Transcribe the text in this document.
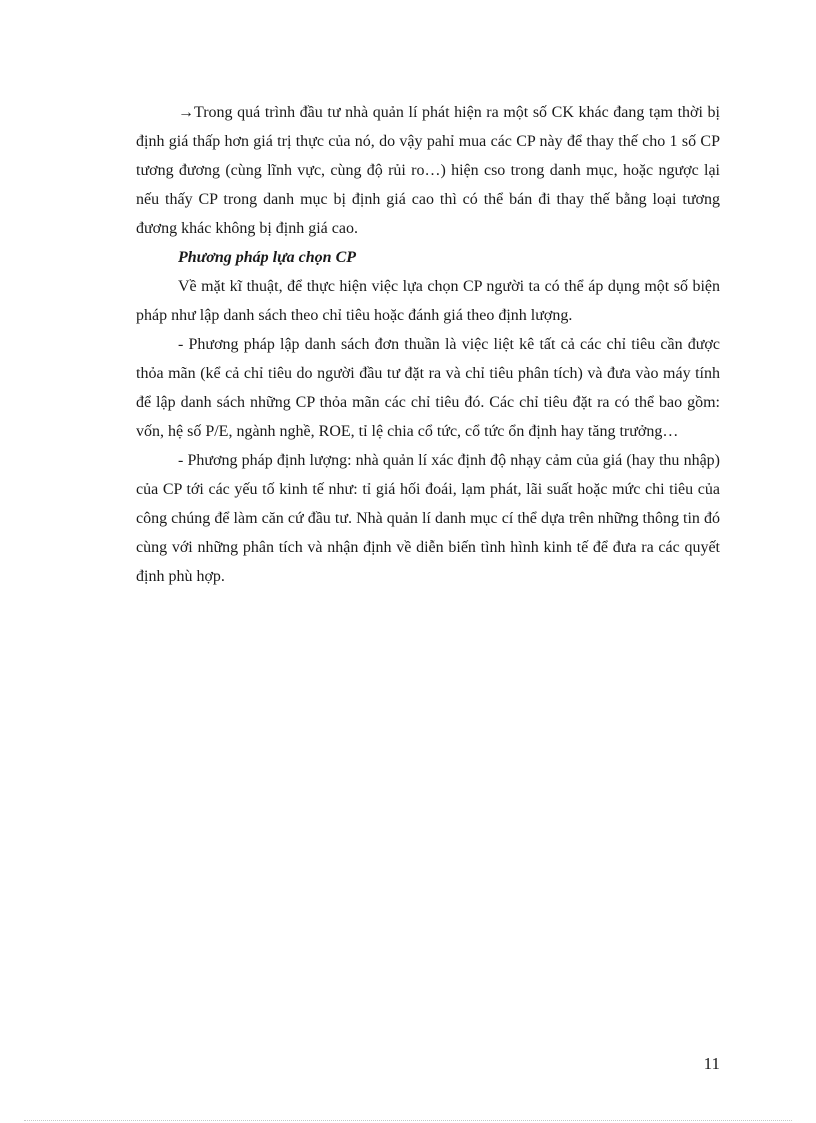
→Trong quá trình đầu tư nhà quản lí phát hiện ra một số CK khác đang tạm thời bị định giá thấp hơn giá trị thực của nó, do vậy pahỉ mua các CP này để thay thế cho 1 số CP tương đương (cùng lĩnh vực, cùng độ rủi ro…) hiện cso trong danh mục, hoặc ngược lại nếu thấy CP trong danh mục bị định giá cao thì có thể bán đi thay thế bằng loại tương đương khác không bị định giá cao.

Phương pháp lựa chọn CP

Về mặt kĩ thuật, để thực hiện việc lựa chọn CP người ta có thể áp dụng một số biện pháp như lập danh sách theo chỉ tiêu hoặc đánh giá theo định lượng.

- Phương pháp lập danh sách đơn thuần là việc liệt kê tất cả các chỉ tiêu cần được thỏa mãn (kể cả chỉ tiêu do người đầu tư đặt ra và chỉ tiêu phân tích) và đưa vào máy tính để lập danh sách những CP thỏa mãn các chỉ tiêu đó. Các chỉ tiêu đặt ra có thể bao gồm: vốn, hệ số P/E, ngành nghề, ROE, tỉ lệ chia cổ tức, cổ tức ổn định hay tăng trưởng…

- Phương pháp định lượng: nhà quản lí xác định độ nhạy cảm của giá (hay thu nhập) của CP tới các yếu tố kinh tế như: tỉ giá hối đoái, lạm phát, lãi suất hoặc mức chi tiêu của công chúng để làm căn cứ đầu tư. Nhà quản lí danh mục cí thể dựa trên những thông tin đó cùng với những phân tích và nhận định về diễn biến tình hình kinh tế để đưa ra các quyết định phù hợp.

11
